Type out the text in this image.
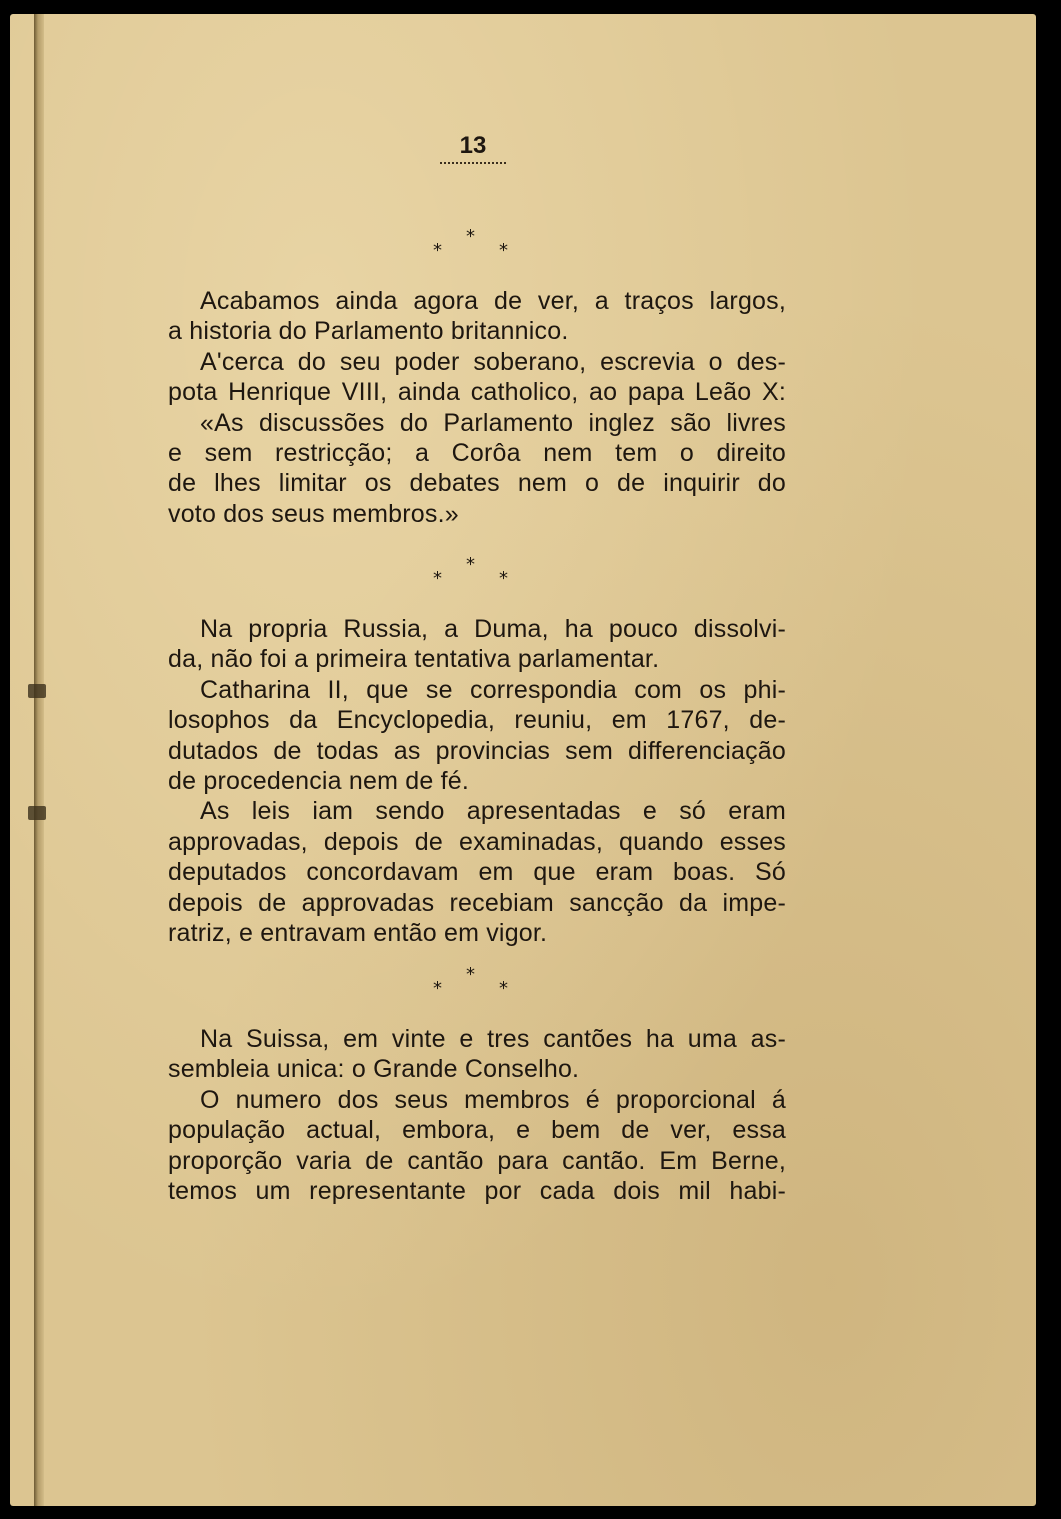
13
*
*	*
Acabamos ainda agora de ver, a traços largos,
a historia do Parlamento britannico.
A'cerca do seu poder soberano, escrevia o des-
pota Henrique VIII, ainda catholico, ao papa Leão X:
«As discussões do Parlamento inglez são livres
e sem restricção; a Corôa nem tem o direito
de lhes limitar os debates nem o de inquirir do
voto dos seus membros.»
*
*	*
Na propria Russia, a Duma, ha pouco dissolvi-
da, não foi a primeira tentativa parlamentar.
Catharina II, que se correspondia com os phi-
losophos da Encyclopedia, reuniu, em 1767, de-
dutados de todas as provincias sem differenciação
de procedencia nem de fé.
As leis iam sendo apresentadas e só eram
approvadas, depois de examinadas, quando esses
deputados concordavam em que eram boas. Só
depois de approvadas recebiam sancção da impe-
ratriz, e entravam então em vigor.
*
*	*
Na Suissa, em vinte e tres cantões ha uma as-
sembleia unica: o Grande Conselho.
O numero dos seus membros é proporcional á
população actual, embora, e bem de ver, essa
proporção varia de cantão para cantão. Em Berne,
temos um representante por cada dois mil habi-
